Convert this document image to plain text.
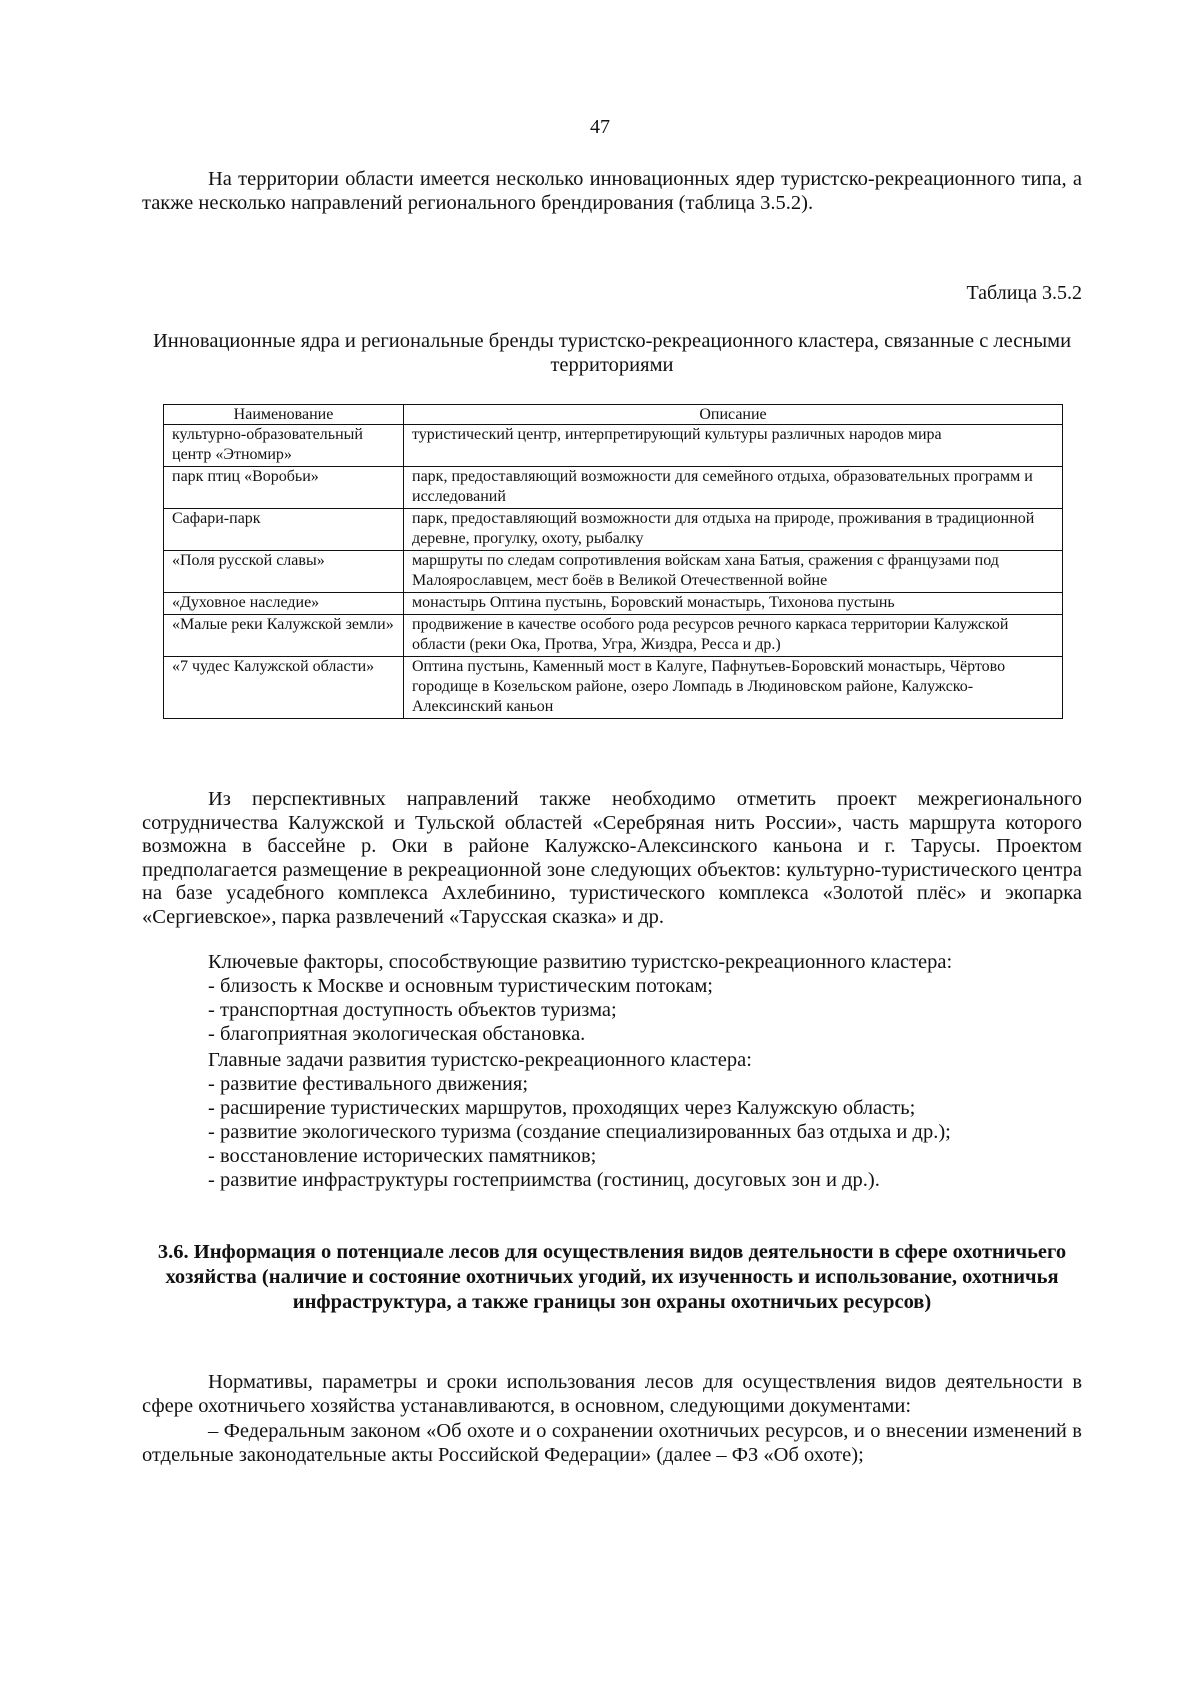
47

На территории области имеется несколько инновационных ядер туристско-рекреационного типа, а также несколько направлений регионального брендирования (таблица 3.5.2).

Таблица 3.5.2
Инновационные ядра и региональные бренды туристско-рекреационного кластера, связанные с лесными территориями
Наименование	Описание
культурно-образовательный центр «Этномир»	туристический центр, интерпретирующий культуры различных народов мира
парк птиц «Воробьи»	парк, предоставляющий возможности для семейного отдыха, образовательных программ и исследований
Сафари-парк	парк, предоставляющий возможности для отдыха на природе, проживания в традиционной деревне, прогулку, охоту, рыбалку
«Поля русской славы»	маршруты по следам сопротивления войскам хана Батыя, сражения с французами под Малоярославцем, мест боёв в Великой Отечественной войне
«Духовное наследие»	монастырь Оптина пустынь, Боровский монастырь, Тихонова пустынь
«Малые реки Калужской земли»	продвижение в качестве особого рода ресурсов речного каркаса территории Калужской области (реки Ока, Протва, Угра, Жиздра, Ресса и др.)
«7 чудес Калужской области»	Оптина пустынь, Каменный мост в Калуге, Пафнутьев-Боровский монастырь, Чёртово городище в Козельском районе, озеро Ломпадь в Людиновском районе, Калужско-Алексинский каньон

Из перспективных направлений также необходимо отметить проект межрегионального сотрудничества Калужской и Тульской областей «Серебряная нить России», часть маршрута которого возможна в бассейне р. Оки в районе Калужско-Алексинского каньона и г. Тарусы. Проектом предполагается размещение в рекреационной зоне следующих объектов: культурно-туристического центра на базе усадебного комплекса Ахлебинино, туристического комплекса «Золотой плёс» и экопарка «Сергиевское», парка развлечений «Тарусская сказка» и др.

Ключевые факторы, способствующие развитию туристско-рекреационного кластера:

- близость к Москве и основным туристическим потокам;
- транспортная доступность объектов туризма;
- благоприятная экологическая обстановка.

Главные задачи развития туристско-рекреационного кластера:

- развитие фестивального движения;
- расширение туристических маршрутов, проходящих через Калужскую область;
- развитие экологического туризма (создание специализированных баз отдыха и др.);
- восстановление исторических памятников;
- развитие инфраструктуры гостеприимства (гостиниц, досуговых зон и др.).
3.6. Информация о потенциале лесов для осуществления видов деятельности в сфере охотничьего хозяйства (наличие и состояние охотничьих угодий, их изученность и использование, охотничья инфраструктура, а также границы зон охраны охотничьих ресурсов)

Нормативы, параметры и сроки использования лесов для осуществления видов деятельности в сфере охотничьего хозяйства устанавливаются, в основном, следующими документами:

– Федеральным законом «Об охоте и о сохранении охотничьих ресурсов, и о внесении изменений в отдельные законодательные акты Российской Федерации» (далее – ФЗ «Об охоте);
